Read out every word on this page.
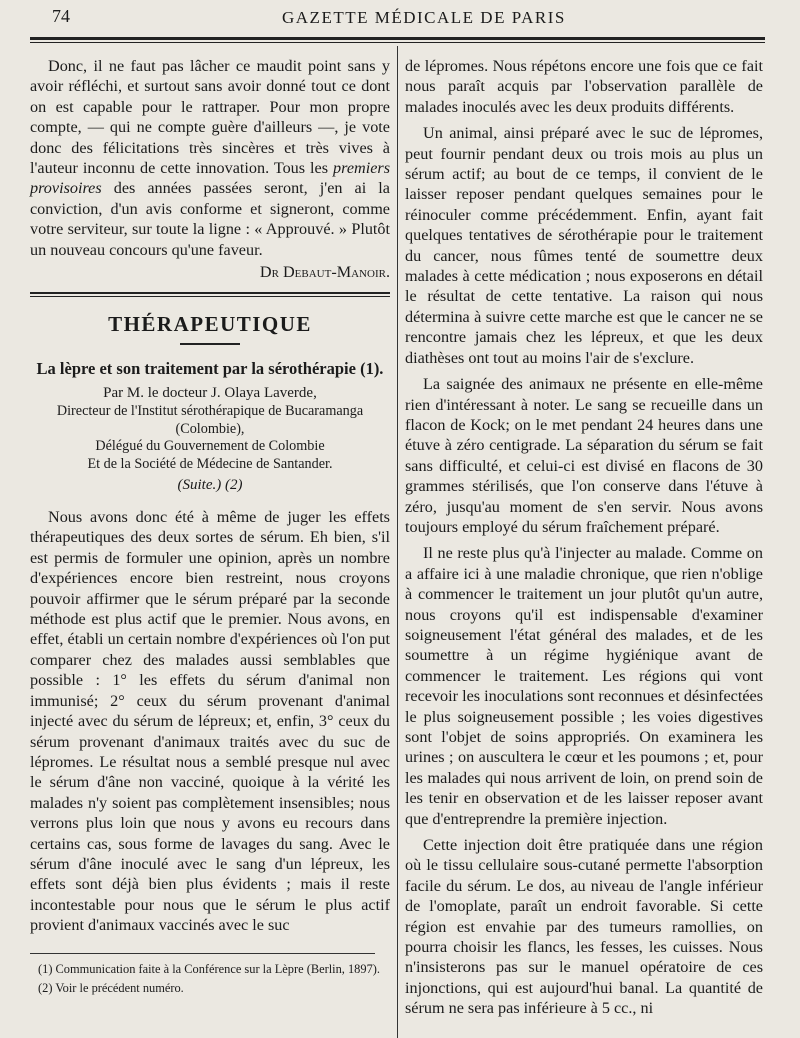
74	GAZETTE MÉDICALE DE PARIS

Donc, il ne faut pas lâcher ce maudit point sans y avoir réfléchi, et surtout sans avoir donné tout ce dont on est capable pour le rattraper. Pour mon propre compte, — qui ne compte guère d'ailleurs —, je vote donc des félicitations très sincères et très vives à l'auteur inconnu de cette innovation. Tous les premiers provisoires des années passées seront, j'en ai la conviction, d'un avis conforme et signeront, comme votre serviteur, sur toute la ligne : « Approuvé. » Plutôt un nouveau concours qu'une faveur.

Dr Debaut-Manoir.

THÉRAPEUTIQUE

La lèpre et son traitement par la sérothérapie (1).

Par M. le docteur J. Olaya Laverde,

Directeur de l'Institut sérothérapique de Bucaramanga (Colombie),

Délégué du Gouvernement de Colombie

Et de la Société de Médecine de Santander.

(Suite.) (2)

Nous avons donc été à même de juger les effets thérapeutiques des deux sortes de sérum. Eh bien, s'il est permis de formuler une opinion, après un nombre d'expériences encore bien restreint, nous croyons pouvoir affirmer que le sérum préparé par la seconde méthode est plus actif que le premier. Nous avons, en effet, établi un certain nombre d'expériences où l'on put comparer chez des malades aussi semblables que possible : 1° les effets du sérum d'animal non immunisé; 2° ceux du sérum provenant d'animal injecté avec du sérum de lépreux; et, enfin, 3° ceux du sérum provenant d'animaux traités avec du suc de lépromes. Le résultat nous a semblé presque nul avec le sérum d'âne non vacciné, quoique à la vérité les malades n'y soient pas complètement insensibles; nous verrons plus loin que nous y avons eu recours dans certains cas, sous forme de lavages du sang. Avec le sérum d'âne inoculé avec le sang d'un lépreux, les effets sont déjà bien plus évidents ; mais il reste incontestable pour nous que le sérum le plus actif provient d'animaux vaccinés avec le suc

(1) Communication faite à la Conférence sur la Lèpre (Berlin, 1897).

(2) Voir le précédent numéro.

de lépromes. Nous répétons encore une fois que ce fait nous paraît acquis par l'observation parallèle de malades inoculés avec les deux produits différents.

Un animal, ainsi préparé avec le suc de lépromes, peut fournir pendant deux ou trois mois au plus un sérum actif; au bout de ce temps, il convient de le laisser reposer pendant quelques semaines pour le réinoculer comme précédemment. Enfin, ayant fait quelques tentatives de sérothérapie pour le traitement du cancer, nous fûmes tenté de soumettre deux malades à cette médication ; nous exposerons en détail le résultat de cette tentative. La raison qui nous détermina à suivre cette marche est que le cancer ne se rencontre jamais chez les lépreux, et que les deux diathèses ont tout au moins l'air de s'exclure.

La saignée des animaux ne présente en elle-même rien d'intéressant à noter. Le sang se recueille dans un flacon de Kock; on le met pendant 24 heures dans une étuve à zéro centigrade. La séparation du sérum se fait sans difficulté, et celui-ci est divisé en flacons de 30 grammes stérilisés, que l'on conserve dans l'étuve à zéro, jusqu'au moment de s'en servir. Nous avons toujours employé du sérum fraîchement préparé.

Il ne reste plus qu'à l'injecter au malade. Comme on a affaire ici à une maladie chronique, que rien n'oblige à commencer le traitement un jour plutôt qu'un autre, nous croyons qu'il est indispensable d'examiner soigneusement l'état général des malades, et de les soumettre à un régime hygiénique avant de commencer le traitement. Les régions qui vont recevoir les inoculations sont reconnues et désinfectées le plus soigneusement possible ; les voies digestives sont l'objet de soins appropriés. On examinera les urines ; on auscultera le cœur et les poumons ; et, pour les malades qui nous arrivent de loin, on prend soin de les tenir en observation et de les laisser reposer avant que d'entreprendre la première injection.

Cette injection doit être pratiquée dans une région où le tissu cellulaire sous-cutané permette l'absorption facile du sérum. Le dos, au niveau de l'angle inférieur de l'omoplate, paraît un endroit favorable. Si cette région est envahie par des tumeurs ramollies, on pourra choisir les flancs, les fesses, les cuisses. Nous n'insisterons pas sur le manuel opératoire de ces injonctions, qui est aujourd'hui banal. La quantité de sérum ne sera pas inférieure à 5 cc., ni
